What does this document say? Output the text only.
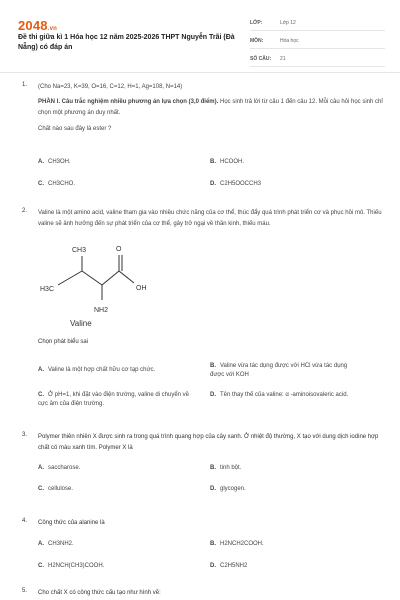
2048.vn
Đề thi giữa kì 1 Hóa học 12 năm 2025-2026 THPT Nguyễn Trãi (Đà Nẵng) có đáp án
LỚP:	Lớp 12
MÔN:	Hóa học
SỐ CÂU:	21
1.	(Cho Na=23, K=39, O=16, C=12, H=1, Ag=108, N=14)
PHẦN I. Câu trắc nghiệm nhiều phương án lựa chọn (3,0 điểm). Học sinh trả lời từ câu 1 đến câu 12. Mỗi câu hỏi học sinh chỉ chọn một phương án duy nhất.
Chất nào sau đây là ester ?
A. CH3OH.	B. HCOOH.
C. CH3CHO.	D. C2H5OOCCH3
2.	Valine là một amino acid, valine tham gia vào nhiều chức năng của cơ thể, thúc đẩy quá trình phát triển cơ và phục hồi mô. Thiếu valine sẽ ảnh hưởng đến sự phát triển của cơ thể, gây trở ngại về thần kinh, thiếu máu.
CH3
H3C
O
OH
NH2
Valine
Chọn phát biểu sai
A. Valine là một hợp chất hữu cơ tạp chức.
B. Valine vừa tác dụng được với HCl vừa tác dụng được với KOH
C. Ở pH=1, khi đặt vào điện trường, valine di chuyển về cực âm của điện trường.
D. Tên thay thế của valine: α -aminoisovaleric acid.
3.	Polymer thiên nhiên X được sinh ra trong quá trình quang hợp của cây xanh. Ở nhiệt độ thường, X tạo với dung dịch iodine hợp chất có màu xanh tím. Polymer X là
A. saccharose.	B. tinh bột.
C. cellulose.	D. glycogen.
4.	Công thức của alanine là
A. CH3NH2.	B. H2NCH2COOH.
C. H2NCH(CH3)COOH.	D. C2H5NH2
5.	Cho chất X có công thức cấu tạo như hình vẽ:
